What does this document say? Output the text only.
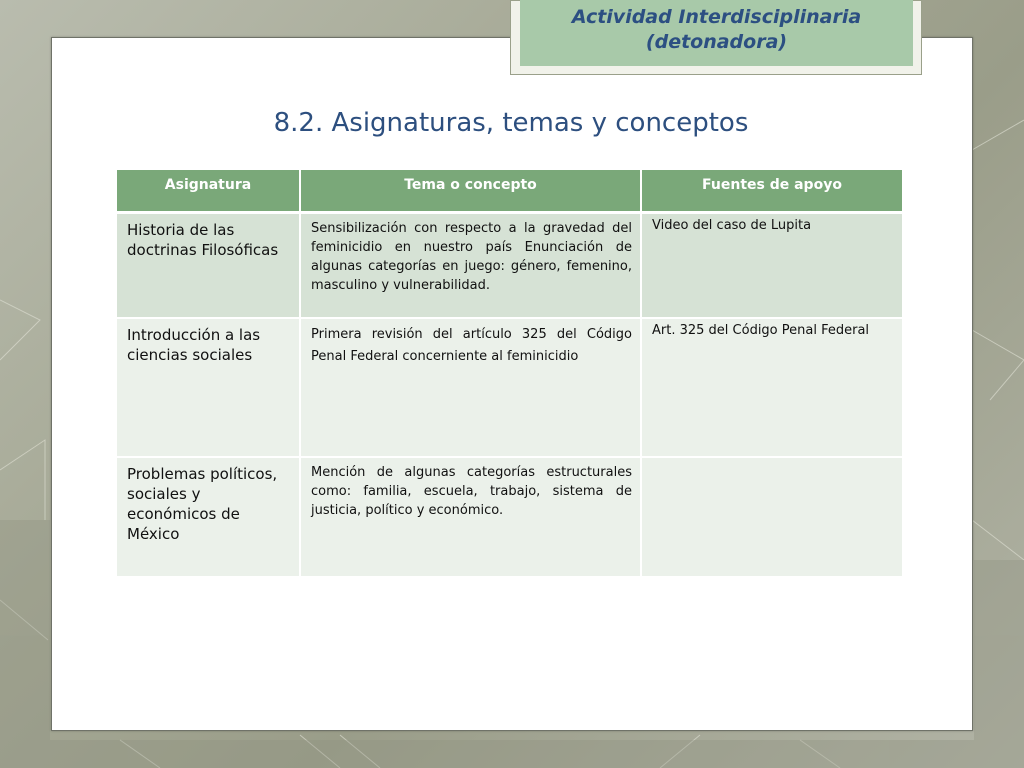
Actividad Interdisciplinaria
(detonadora)
8.2. Asignaturas, temas y conceptos
Asignatura	Tema o concepto	Fuentes de apoyo
Historia de las doctrinas Filosóficas	Sensibilización con respecto a la gravedad del feminicidio en nuestro país Enunciación de algunas categorías en juego: género, femenino, masculino y vulnerabilidad.	Video del caso de Lupita
Introducción a las ciencias sociales	Primera revisión del artículo 325 del Código Penal Federal concerniente al feminicidio	Art. 325 del Código Penal Federal
Problemas políticos, sociales y económicos de México	Mención de algunas categorías estructurales como: familia, escuela, trabajo, sistema de justicia, político y económico.	
